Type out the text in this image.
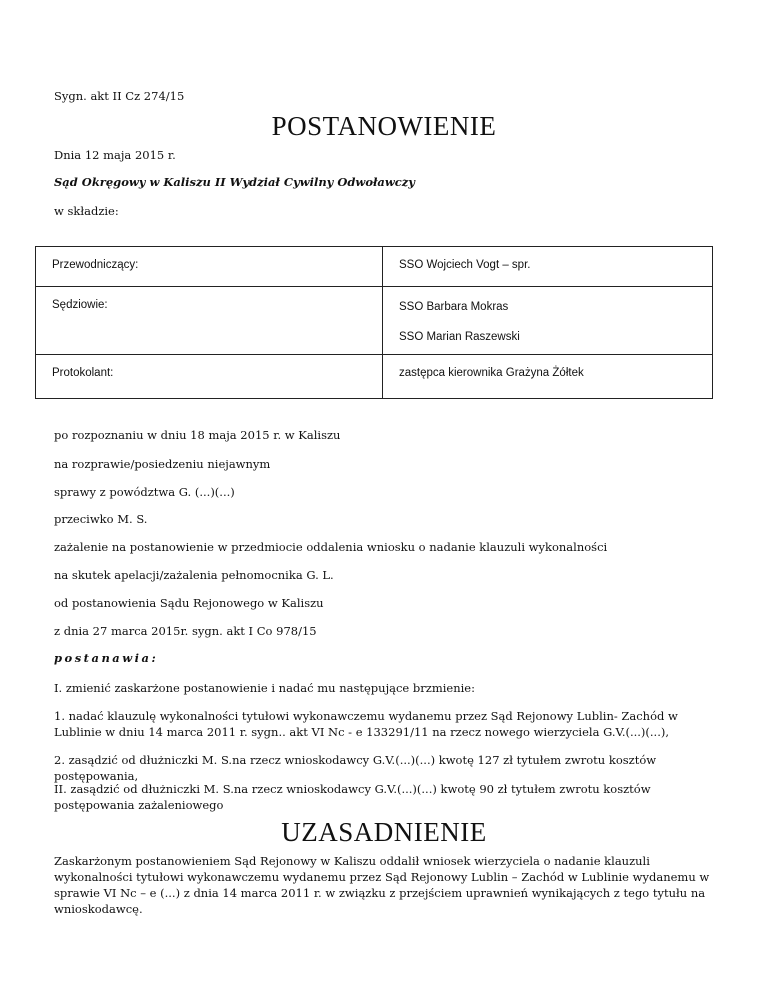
Sygn. akt II Cz 274/15
POSTANOWIENIE
Dnia 12 maja 2015 r.
Sąd Okręgowy w Kaliszu II Wydział Cywilny Odwoławczy
w składzie:
Przewodniczący:	SSO Wojciech Vogt – spr.

Sędziowie:	SSO Barbara Mokras
SSO Marian Raszewski

Protokolant:	zastępca kierownika Grażyna Żółtek
po rozpoznaniu w dniu 18 maja 2015 r. w Kaliszu
na rozprawie/posiedzeniu niejawnym
sprawy z powództwa G. (...)(...)
przeciwko M. S.
zażalenie na postanowienie w przedmiocie oddalenia wniosku o nadanie klauzuli wykonalności
na skutek apelacji/zażalenia pełnomocnika G. L.
od postanowienia Sądu Rejonowego w Kaliszu
z dnia 27 marca 2015r. sygn. akt I Co 978/15
postanawia:
I. zmienić zaskarżone postanowienie i nadać mu następujące brzmienie:
1. nadać klauzulę wykonalności tytułowi wykonawczemu wydanemu przez Sąd Rejonowy Lublin- Zachód w Lublinie w dniu 14 marca 2011 r. sygn.. akt VI Nc - e 133291/11 na rzecz nowego wierzyciela G.V.(...)(...),
2. zasądzić od dłużniczki M. S.na rzecz wnioskodawcy G.V.(...)(...) kwotę 127 zł tytułem zwrotu kosztów postępowania,
II. zasądzić od dłużniczki M. S.na rzecz wnioskodawcy G.V.(...)(...) kwotę 90 zł tytułem zwrotu kosztów postępowania zażaleniowego
UZASADNIENIE
Zaskarżonym postanowieniem Sąd Rejonowy w Kaliszu oddalił wniosek wierzyciela o nadanie klauzuli wykonalności tytułowi wykonawczemu wydanemu przez Sąd Rejonowy Lublin – Zachód w Lublinie wydanemu w sprawie VI Nc – e (...) z dnia 14 marca 2011 r. w związku z przejściem uprawnień wynikających z tego tytułu na wnioskodawcę.
